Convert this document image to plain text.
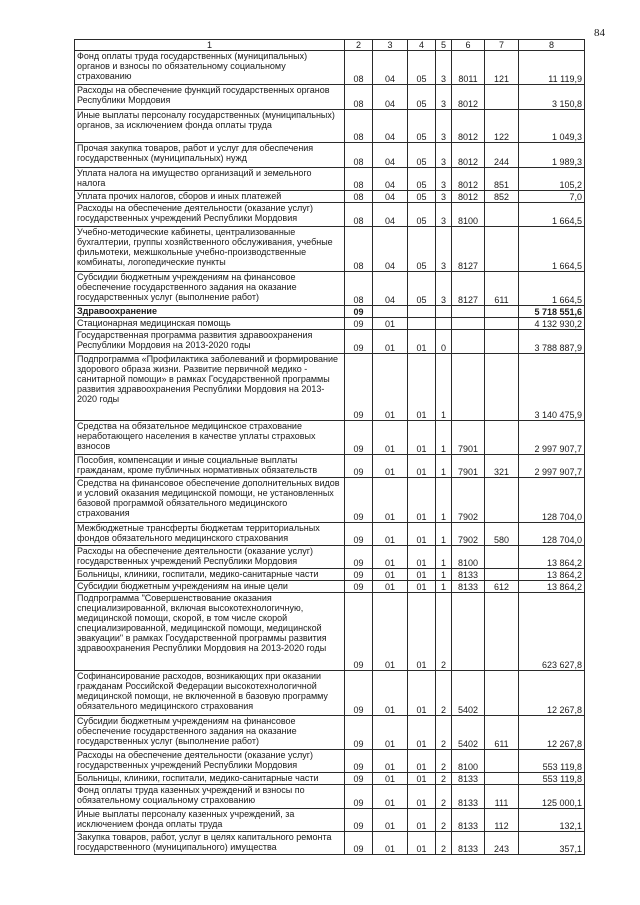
84
1	2	3	4	5	6	7	8
Фонд оплаты труда государственных (муниципальных) органов и взносы по обязательному социальному страхованию	08	04	05	3	8011	121	11 119,9
Расходы на обеспечение функций государственных органов Республики Мордовия	08	04	05	3	8012		3 150,8
Иные выплаты персоналу государственных (муниципальных) органов, за исключением фонда оплаты труда	08	04	05	3	8012	122	1 049,3
Прочая закупка товаров, работ и услуг для обеспечения государственных (муниципальных) нужд	08	04	05	3	8012	244	1 989,3
Уплата налога на имущество организаций и земельного налога	08	04	05	3	8012	851	105,2
Уплата прочих налогов, сборов и иных платежей	08	04	05	3	8012	852	7,0
Расходы на обеспечение деятельности (оказание услуг) государственных учреждений Республики Мордовия	08	04	05	3	8100		1 664,5
Учебно-методические кабинеты, централизованные бухгалтерии, группы хозяйственного обслуживания, учебные фильмотеки, межшкольные учебно-производственные комбинаты, логопедические пункты	08	04	05	3	8127		1 664,5
Субсидии бюджетным учреждениям на финансовое обеспечение государственного задания на оказание государственных услуг (выполнение работ)	08	04	05	3	8127	611	1 664,5
Здравоохранение	09						5 718 551,6
Стационарная медицинская помощь	09	01					4 132 930,2
Государственная программа развития здравоохранения Республики Мордовия на 2013-2020 годы	09	01	01	0			3 788 887,9
Подпрограмма «Профилактика заболеваний и формирование здорового образа жизни. Развитие первичной медико - санитарной помощи» в рамках Государственной программы развития здравоохранения Республики Мордовия на 2013-2020 годы	09	01	01	1			3 140 475,9
Средства на обязательное медицинское страхование неработающего населения в качестве уплаты страховых взносов	09	01	01	1	7901		2 997 907,7
Пособия, компенсации и иные социальные выплаты гражданам, кроме публичных нормативных обязательств	09	01	01	1	7901	321	2 997 907,7
Средства на финансовое обеспечение дополнительных видов и условий оказания медицинской помощи, не установленных базовой программой обязательного медицинского страхования	09	01	01	1	7902		128 704,0
Межбюджетные трансферты бюджетам территориальных фондов обязательного медицинского страхования	09	01	01	1	7902	580	128 704,0
Расходы на обеспечение деятельности (оказание услуг) государственных учреждений Республики Мордовия	09	01	01	1	8100		13 864,2
Больницы, клиники, госпитали, медико-санитарные части	09	01	01	1	8133		13 864,2
Субсидии бюджетным учреждениям на иные цели	09	01	01	1	8133	612	13 864,2
Подпрограмма "Совершенствование оказания специализированной, включая высокотехнологичную, медицинской помощи, скорой, в том числе скорой специализированной, медицинской помощи, медицинской эвакуации" в рамках Государственной программы развития здравоохранения Республики Мордовия на 2013-2020 годы	09	01	01	2			623 627,8
Софинансирование расходов, возникающих при оказании гражданам Российской Федерации высокотехнологичной медицинской помощи, не включенной в базовую программу обязательного медицинского страхования	09	01	01	2	5402		12 267,8
Субсидии бюджетным учреждениям на финансовое обеспечение государственного задания на оказание государственных услуг (выполнение работ)	09	01	01	2	5402	611	12 267,8
Расходы на обеспечение деятельности (оказание услуг) государственных учреждений Республики Мордовия	09	01	01	2	8100		553 119,8
Больницы, клиники, госпитали, медико-санитарные части	09	01	01	2	8133		553 119,8
Фонд оплаты труда казенных учреждений и взносы по обязательному социальному страхованию	09	01	01	2	8133	111	125 000,1
Иные выплаты персоналу казенных учреждений, за исключением фонда оплаты труда	09	01	01	2	8133	112	132,1
Закупка товаров, работ, услуг в целях капитального ремонта государственного (муниципального) имущества	09	01	01	2	8133	243	357,1
